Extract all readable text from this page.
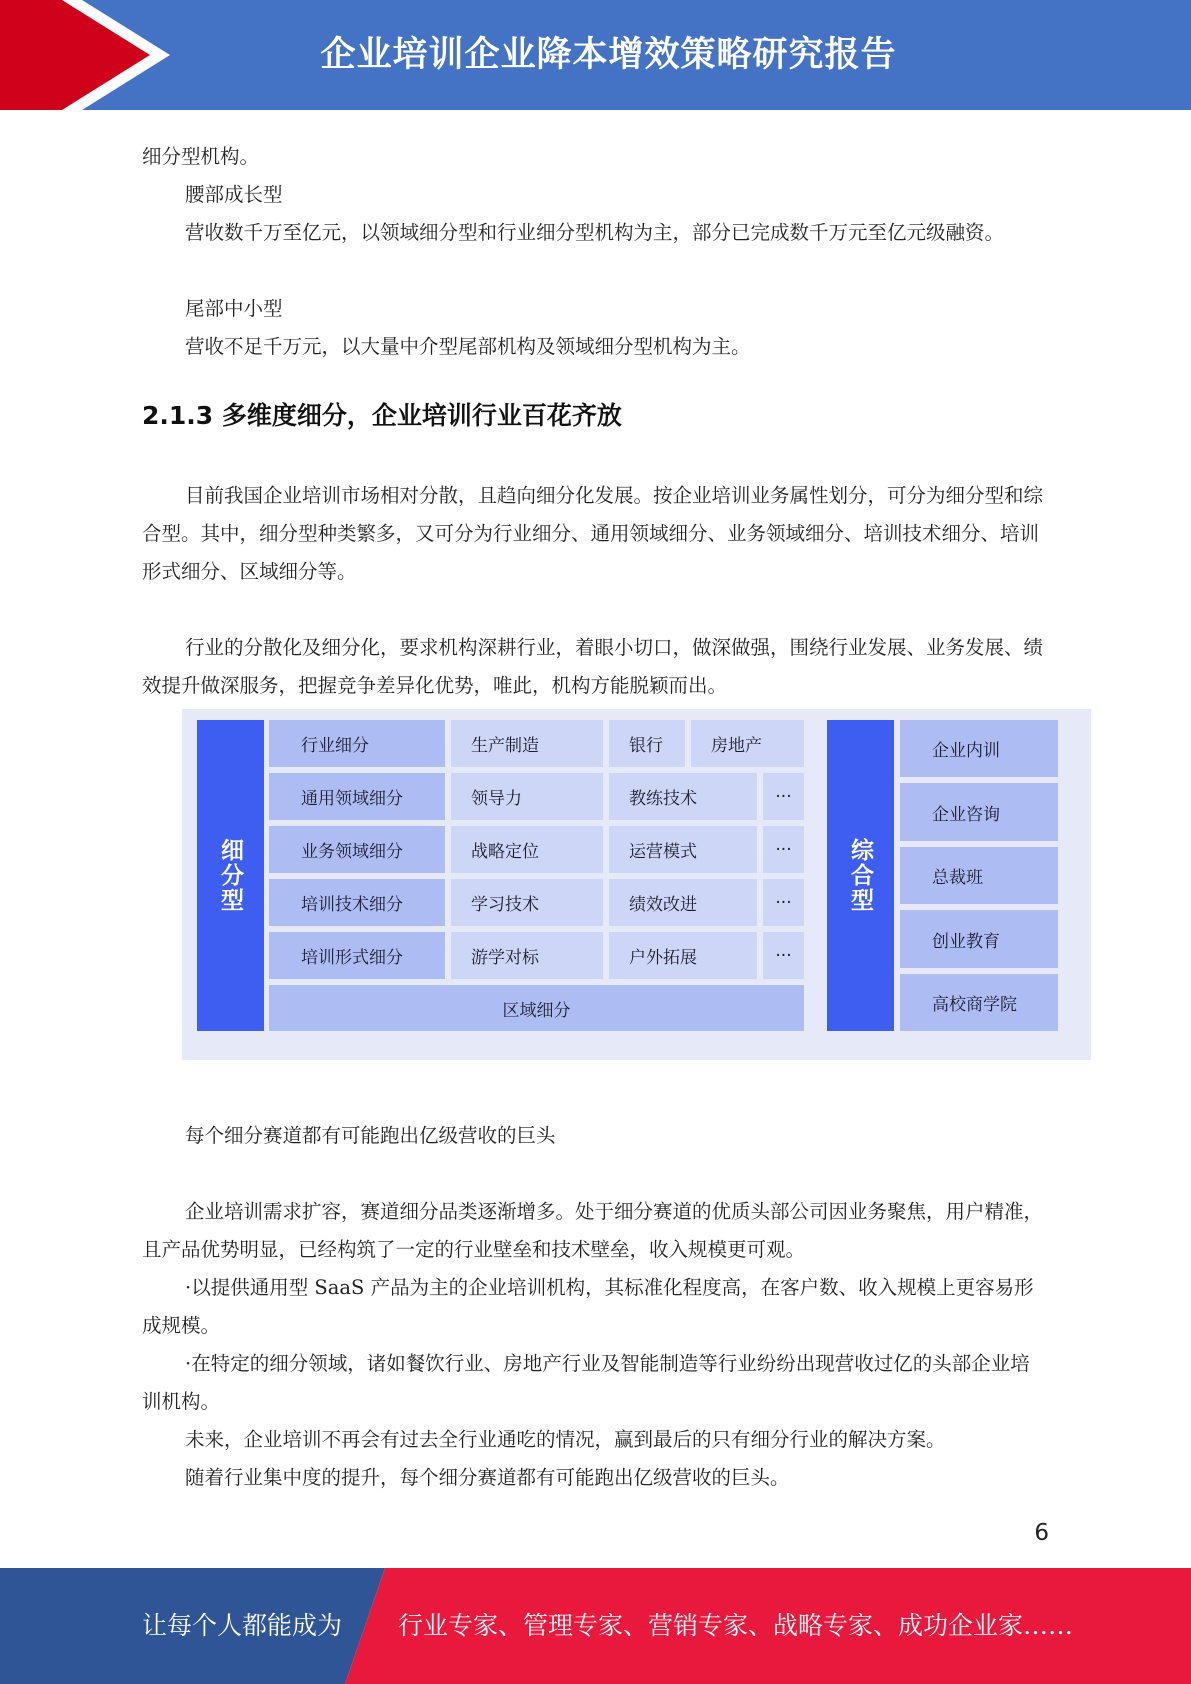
企业培训企业降本增效策略研究报告

细分型机构。

腰部成长型

营收数千万至亿元，以领域细分型和行业细分型机构为主，部分已完成数千万元至亿元级融资。

尾部中小型

营收不足千万元，以大量中介型尾部机构及领域细分型机构为主。

2.1.3 多维度细分，企业培训行业百花齐放

目前我国企业培训市场相对分散，且趋向细分化发展。按企业培训业务属性划分，可分为细分型和综合型。其中，细分型种类繁多，又可分为行业细分、通用领域细分、业务领域细分、培训技术细分、培训形式细分、区域细分等。

行业的分散化及细分化，要求机构深耕行业，着眼小切口，做深做强，围绕行业发展、业务发展、绩效提升做深服务，把握竞争差异化优势，唯此，机构方能脱颖而出。

细分型
行业细分	生产制造	银行	房地产
通用领域细分	领导力	教练技术	···
业务领域细分	战略定位	运营模式	···
培训技术细分	学习技术	绩效改进	···
培训形式细分	游学对标	户外拓展	···
区域细分
综合型
企业内训
企业咨询
总裁班
创业教育
高校商学院

每个细分赛道都有可能跑出亿级营收的巨头

企业培训需求扩容，赛道细分品类逐渐增多。处于细分赛道的优质头部公司因业务聚焦，用户精准，且产品优势明显，已经构筑了一定的行业壁垒和技术壁垒，收入规模更可观。

·以提供通用型 SaaS 产品为主的企业培训机构，其标准化程度高，在客户数、收入规模上更容易形成规模。

·在特定的细分领域，诸如餐饮行业、房地产行业及智能制造等行业纷纷出现营收过亿的头部企业培训机构。

未来，企业培训不再会有过去全行业通吃的情况，赢到最后的只有细分行业的解决方案。

随着行业集中度的提升，每个细分赛道都有可能跑出亿级营收的巨头。

6
让每个人都能成为 行业专家、管理专家、营销专家、战略专家、成功企业家……
